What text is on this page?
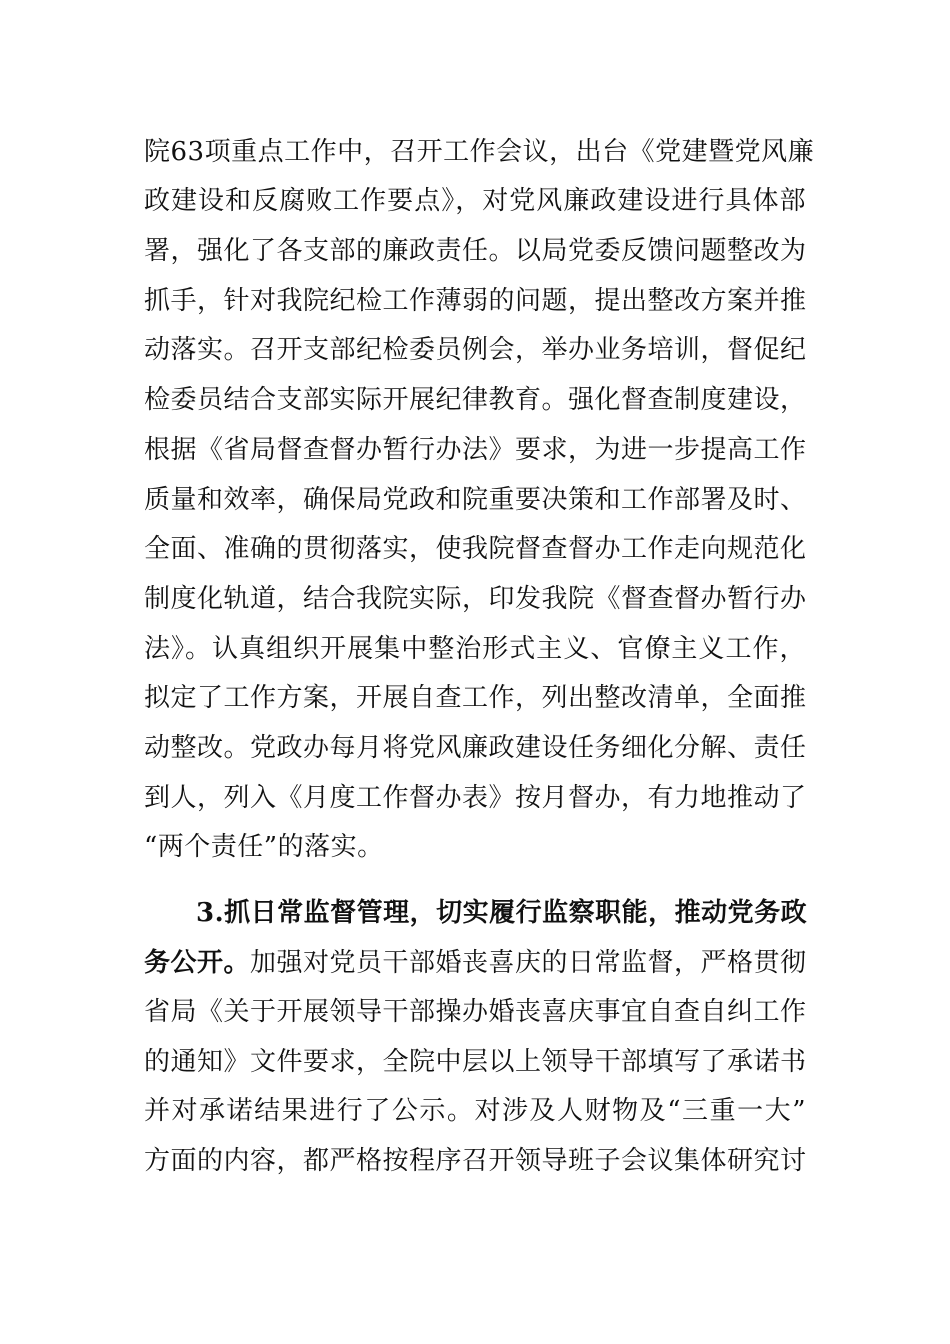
院63项重点工作中，召开工作会议，出台《党建暨党风廉
政建设和反腐败工作要点》，对党风廉政建设进行具体部
署，强化了各支部的廉政责任。以局党委反馈问题整改为
抓手，针对我院纪检工作薄弱的问题，提出整改方案并推
动落实。召开支部纪检委员例会，举办业务培训，督促纪
检委员结合支部实际开展纪律教育。强化督查制度建设，
根据《省局督查督办暂行办法》要求，为进一步提高工作
质量和效率，确保局党政和院重要决策和工作部署及时、
全面、准确的贯彻落实，使我院督查督办工作走向规范化
制度化轨道，结合我院实际，印发我院《督查督办暂行办
法》。认真组织开展集中整治形式主义、官僚主义工作，
拟定了工作方案，开展自查工作，列出整改清单，全面推
动整改。党政办每月将党风廉政建设任务细化分解、责任
到人，列入《月度工作督办表》按月督办，有力地推动了
“两个责任”的落实。
3.抓日常监督管理，切实履行监察职能，推动党务政
务公开。加强对党员干部婚丧喜庆的日常监督，严格贯彻
省局《关于开展领导干部操办婚丧喜庆事宜自查自纠工作
的通知》文件要求，全院中层以上领导干部填写了承诺书
并对承诺结果进行了公示。对涉及人财物及“三重一大”
方面的内容，都严格按程序召开领导班子会议集体研究讨
